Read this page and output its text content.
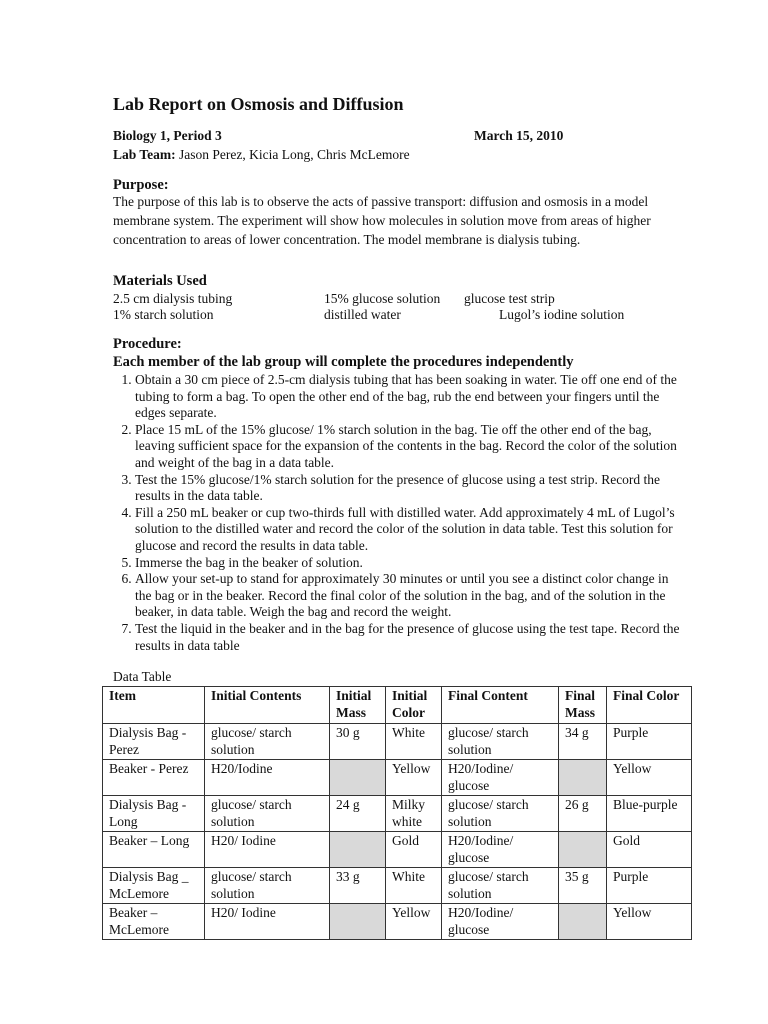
Lab Report on Osmosis and Diffusion
Biology 1, Period 3	March 15, 2010
Lab Team: Jason Perez, Kicia Long, Chris McLemore
Purpose:
The purpose of this lab is to observe the acts of passive transport: diffusion and osmosis in a model membrane system. The experiment will show how molecules in solution move from areas of higher concentration to areas of lower concentration. The model membrane is dialysis tubing.
Materials Used
2.5 cm dialysis tubing	15% glucose solution glucose test strip
1% starch solution	distilled water	Lugol’s iodine solution
Procedure:
Each member of the lab group will complete the procedures independently
1. Obtain a 30 cm piece of 2.5-cm dialysis tubing that has been soaking in water. Tie off one end of the tubing to form a bag. To open the other end of the bag, rub the end between your fingers until the edges separate.
2. Place 15 mL of the 15% glucose/ 1% starch solution in the bag. Tie off the other end of the bag, leaving sufficient space for the expansion of the contents in the bag. Record the color of the solution and weight of the bag in a data table.
3. Test the 15% glucose/1% starch solution for the presence of glucose using a test strip. Record the results in the data table.
4. Fill a 250 mL beaker or cup two-thirds full with distilled water. Add approximately 4 mL of Lugol’s solution to the distilled water and record the color of the solution in data table. Test this solution for glucose and record the results in data table.
5. Immerse the bag in the beaker of solution.
6. Allow your set-up to stand for approximately 30 minutes or until you see a distinct color change in the bag or in the beaker. Record the final color of the solution in the bag, and of the solution in the beaker, in data table. Weigh the bag and record the weight.
7. Test the liquid in the beaker and in the bag for the presence of glucose using the test tape. Record the results in data table
Data Table
Item	Initial Contents	Initial Mass	Initial Color	Final Content	Final Mass	Final Color
Dialysis Bag - Perez	glucose/ starch solution	30 g	White	glucose/ starch solution	34 g	Purple
Beaker - Perez	H20/Iodine		Yellow	H20/Iodine/ glucose		Yellow
Dialysis Bag - Long	glucose/ starch solution	24 g	Milky white	glucose/ starch solution	26 g	Blue-purple
Beaker – Long	H20/ Iodine		Gold	H20/Iodine/ glucose		Gold
Dialysis Bag _ McLemore	glucose/ starch solution	33 g	White	glucose/ starch solution	35 g	Purple
Beaker – McLemore	H20/ Iodine		Yellow	H20/Iodine/ glucose		Yellow
